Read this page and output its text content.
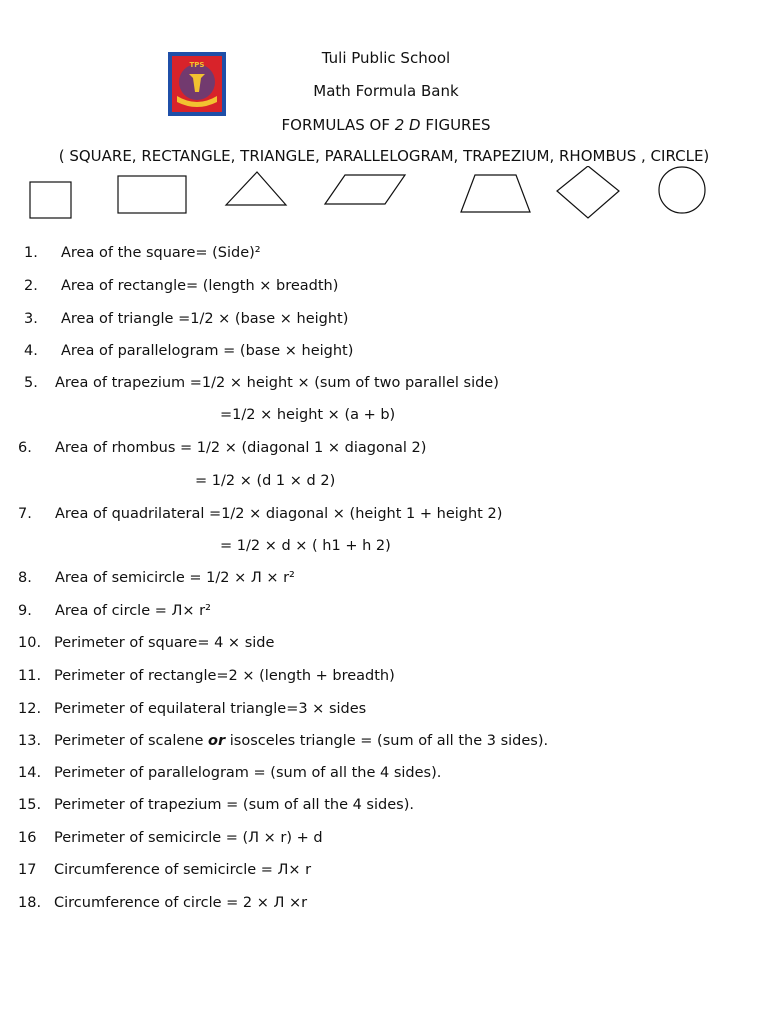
TPS	Tuli Public School
Math Formula Bank
FORMULAS OF 2 D FIGURES
( SQUARE, RECTANGLE, TRIANGLE, PARALLELOGRAM, TRAPEZIUM, RHOMBUS , CIRCLE)

1.

Area of the square= (Side)²

2.

Area of rectangle= (length × breadth)

3.

Area of triangle =1/2 × (base × height)

4.

Area of parallelogram = (base × height)

5.

Area of trapezium =1/2 × height × (sum of two parallel side)

=1/2 × height × (a + b)

6.

Area of rhombus = 1/2 × (diagonal 1 × diagonal 2)

= 1/2 × (d 1 × d 2)

7.

Area of quadrilateral =1/2 × diagonal × (height 1 + height 2)

= 1/2 × d × ( h1 + h 2)

8.

Area of semicircle = 1/2 × Л × r²

9.

Area of circle = Л× r²

10.

Perimeter of square= 4 × side

11.

Perimeter of rectangle=2 × (length + breadth)

12.

Perimeter of equilateral triangle=3 × sides

13.

Perimeter of scalene or isosceles triangle = (sum of all the 3 sides).

14.

Perimeter of parallelogram = (sum of all the 4 sides).

15.

Perimeter of trapezium = (sum of all the 4 sides).

16

Perimeter of semicircle = (Л × r) + d

17

Circumference of semicircle = Л× r

18.

Circumference of circle = 2 × Л ×r
